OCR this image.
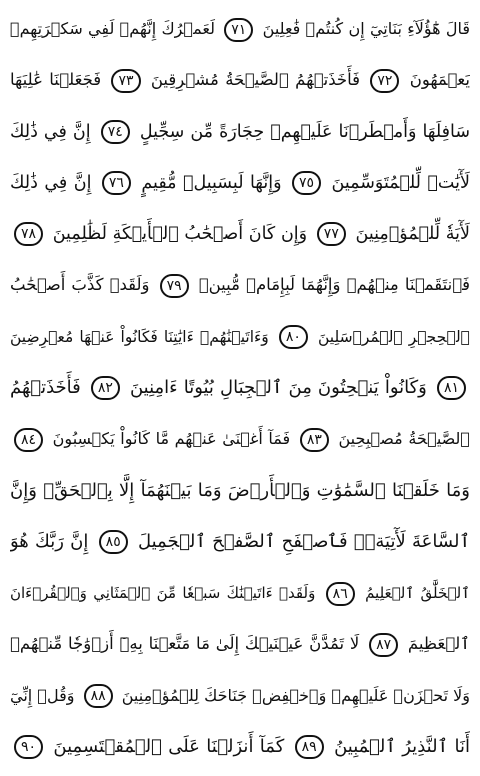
قَالَ هَٰٓؤُلَآءِ بَنَاتِيٓ إِن كُنتُمۡ فَٰعِلِينَ ٧١ لَعَمۡرُكَ إِنَّهُمۡ لَفِي سَكۡرَتِهِمۡ
يَعۡمَهُونَ ٧٢ فَأَخَذَتۡهُمُ ٱلصَّيۡحَةُ مُشۡرِقِينَ ٧٣ فَجَعَلۡنَا عَٰلِيَهَا
سَافِلَهَا وَأَمۡطَرۡنَا عَلَيۡهِمۡ حِجَارَةً مِّن سِجِّيلٍ ٧٤ إِنَّ فِي ذَٰلِكَ
لَأٓيَٰتٖ لِّلۡمُتَوَسِّمِينَ ٧٥ وَإِنَّهَا لَبِسَبِيلٖ مُّقِيمٍ ٧٦ إِنَّ فِي ذَٰلِكَ
لَأٓيَةٗ لِّلۡمُؤۡمِنِينَ ٧٧ وَإِن كَانَ أَصۡحَٰبُ ٱلۡأَيۡكَةِ لَظَٰلِمِينَ ٧٨
فَٱنتَقَمۡنَا مِنۡهُمۡ وَإِنَّهُمَا لَبِإِمَامٖ مُّبِينٖ ٧٩ وَلَقَدۡ كَذَّبَ أَصۡحَٰبُ
ٱلۡحِجۡرِ ٱلۡمُرۡسَلِينَ ٨٠ وَءَاتَيۡنَٰهُمۡ ءَايَٰتِنَا فَكَانُواْ عَنۡهَا مُعۡرِضِينَ
٨١ وَكَانُواْ يَنۡحِتُونَ مِنَ ٱلۡجِبَالِ بُيُوتًا ءَامِنِينَ ٨٢ فَأَخَذَتۡهُمُ
ٱلصَّيۡحَةُ مُصۡبِحِينَ ٨٣ فَمَآ أَغۡنَىٰ عَنۡهُم مَّا كَانُواْ يَكۡسِبُونَ ٨٤
وَمَا خَلَقۡنَا ٱلسَّمَٰوَٰتِ وَٱلۡأَرۡضَ وَمَا بَيۡنَهُمَآ إِلَّا بِٱلۡحَقِّۗ وَإِنَّ
ٱلسَّاعَةَ لَأٓتِيَةٞۖ فَٱصۡفَحِ ٱلصَّفۡحَ ٱلۡجَمِيلَ ٨٥ إِنَّ رَبَّكَ هُوَ
ٱلۡخَلَّٰقُ ٱلۡعَلِيمُ ٨٦ وَلَقَدۡ ءَاتَيۡنَٰكَ سَبۡعٗا مِّنَ ٱلۡمَثَانِي وَٱلۡقُرۡءَانَ
ٱلۡعَظِيمَ ٨٧ لَا تَمُدَّنَّ عَيۡنَيۡكَ إِلَىٰ مَا مَتَّعۡنَا بِهِۦٓ أَزۡوَٰجٗا مِّنۡهُمۡ
وَلَا تَحۡزَنۡ عَلَيۡهِمۡ وَٱخۡفِضۡ جَنَاحَكَ لِلۡمُؤۡمِنِينَ ٨٨ وَقُلۡ إِنِّيٓ
أَنَا ٱلنَّذِيرُ ٱلۡمُبِينُ ٨٩ كَمَآ أَنزَلۡنَا عَلَى ٱلۡمُقۡتَسِمِينَ ٩٠
